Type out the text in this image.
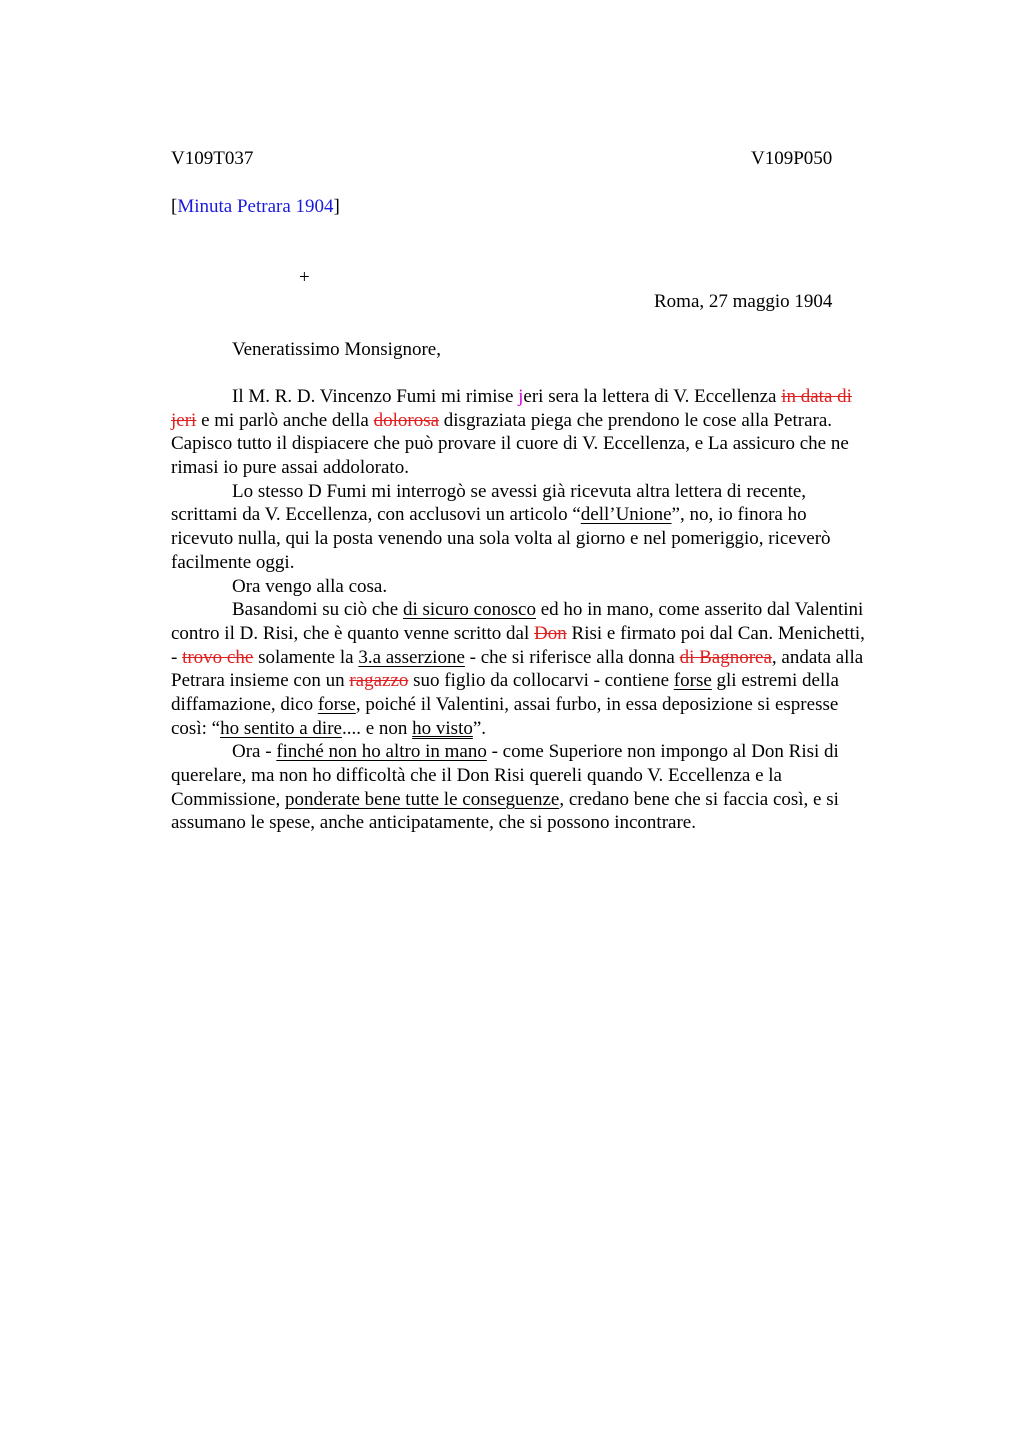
V109T037	V109P050
[Minuta Petrara 1904]
+
Roma, 27 maggio 1904
Veneratissimo Monsignore,
Il M. R. D. Vincenzo Fumi mi rimise jeri sera la lettera di V. Eccellenza in data di
jeri e mi parlò anche della dolorosa disgraziata piega che prendono le cose alla Petrara.
Capisco tutto il dispiacere che può provare il cuore di V. Eccellenza, e La assicuro che ne
rimasi io pure assai addolorato.
Lo stesso D Fumi mi interrogò se avessi già ricevuta altra lettera di recente,
scrittami da V. Eccellenza, con acclusovi un articolo “dell’Unione”, no, io finora ho
ricevuto nulla, qui la posta venendo una sola volta al giorno e nel pomeriggio, riceverò
facilmente oggi.
Ora vengo alla cosa.
Basandomi su ciò che di sicuro conosco ed ho in mano, come asserito dal Valentini
contro il D. Risi, che è quanto venne scritto dal Don Risi e firmato poi dal Can. Menichetti,
- trovo che solamente la 3.a asserzione - che si riferisce alla donna di Bagnorea, andata alla
Petrara insieme con un ragazzo suo figlio da collocarvi - contiene forse gli estremi della
diffamazione, dico forse, poiché il Valentini, assai furbo, in essa deposizione si espresse
così: “ho sentito a dire.... e non ho visto”.
Ora - finché non ho altro in mano - come Superiore non impongo al Don Risi di
querelare, ma non ho difficoltà che il Don Risi quereli quando V. Eccellenza e la
Commissione, ponderate bene tutte le conseguenze, credano bene che si faccia così, e si
assumano le spese, anche anticipatamente, che si possono incontrare.
